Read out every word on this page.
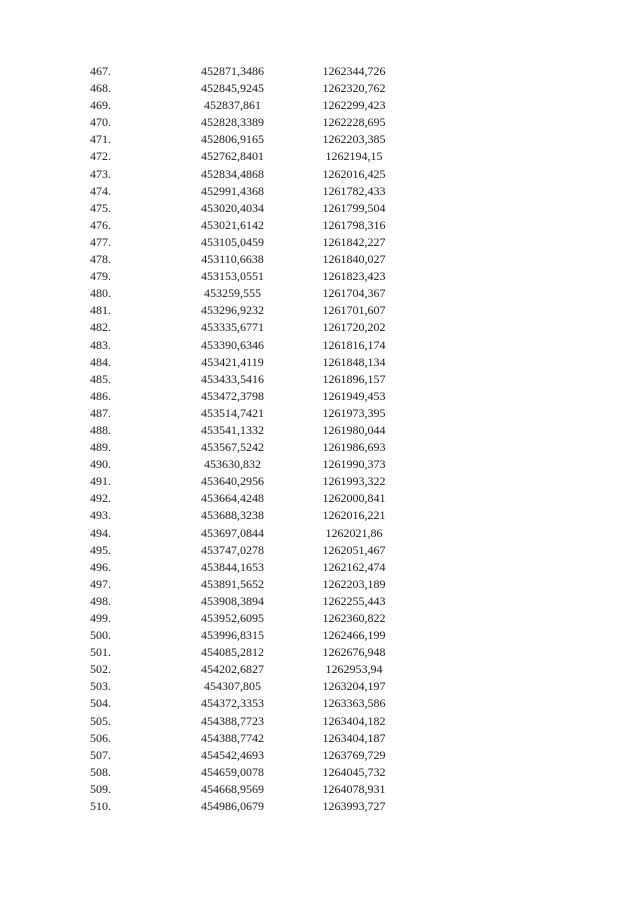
467.	452871,3486	1262344,726
468.	452845,9245	1262320,762
469.	452837,861	1262299,423
470.	452828,3389	1262228,695
471.	452806,9165	1262203,385
472.	452762,8401	1262194,15
473.	452834,4868	1262016,425
474.	452991,4368	1261782,433
475.	453020,4034	1261799,504
476.	453021,6142	1261798,316
477.	453105,0459	1261842,227
478.	453110,6638	1261840,027
479.	453153,0551	1261823,423
480.	453259,555	1261704,367
481.	453296,9232	1261701,607
482.	453335,6771	1261720,202
483.	453390,6346	1261816,174
484.	453421,4119	1261848,134
485.	453433,5416	1261896,157
486.	453472,3798	1261949,453
487.	453514,7421	1261973,395
488.	453541,1332	1261980,044
489.	453567,5242	1261986,693
490.	453630,832	1261990,373
491.	453640,2956	1261993,322
492.	453664,4248	1262000,841
493.	453688,3238	1262016,221
494.	453697,0844	1262021,86
495.	453747,0278	1262051,467
496.	453844,1653	1262162,474
497.	453891,5652	1262203,189
498.	453908,3894	1262255,443
499.	453952,6095	1262360,822
500.	453996,8315	1262466,199
501.	454085,2812	1262676,948
502.	454202,6827	1262953,94
503.	454307,805	1263204,197
504.	454372,3353	1263363,586
505.	454388,7723	1263404,182
506.	454388,7742	1263404,187
507.	454542,4693	1263769,729
508.	454659,0078	1264045,732
509.	454668,9569	1264078,931
510.	454986,0679	1263993,727
